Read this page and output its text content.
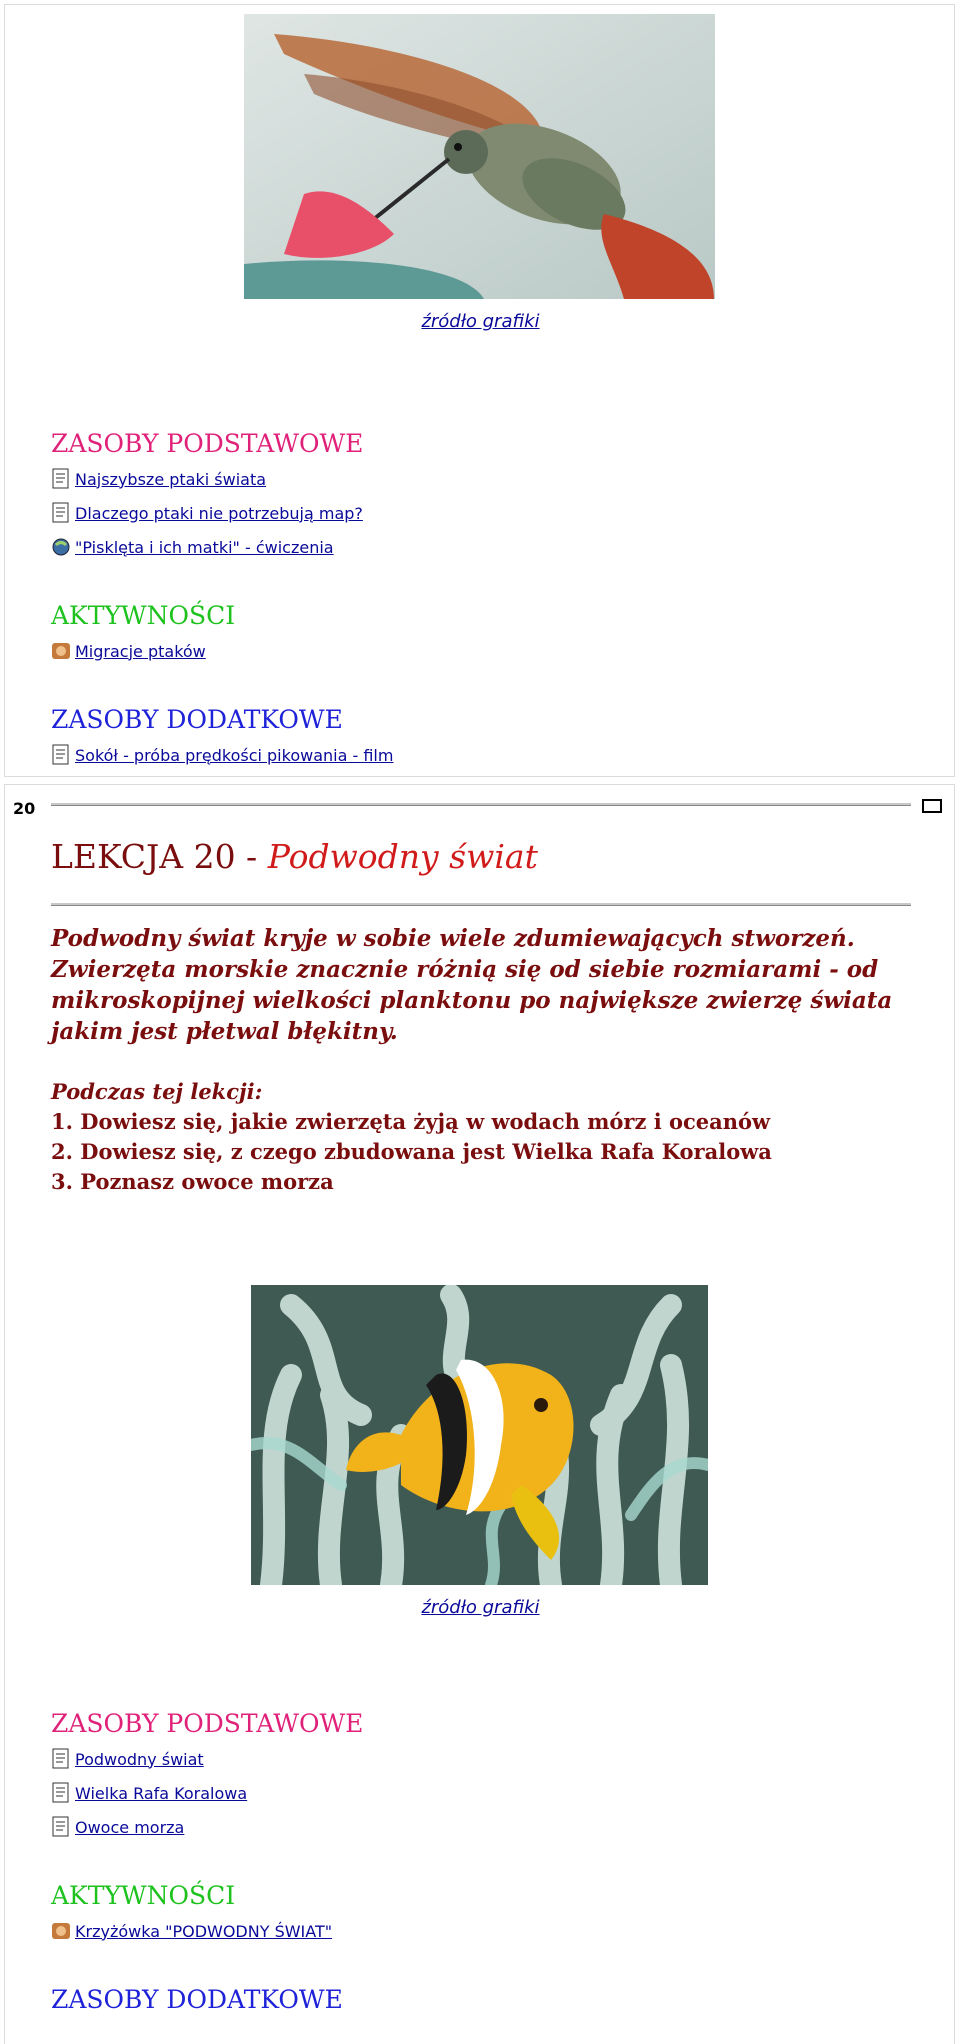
źródło grafiki
ZASOBY PODSTAWOWE
Najszybsze ptaki świata
Dlaczego ptaki nie potrzebują map?
"Pisklęta i ich matki" - ćwiczenia
AKTYWNOŚCI
Migracje ptaków
ZASOBY DODATKOWE
Sokół - próba prędkości pikowania - film
20
LEKCJA 20 - Podwodny świat

Podwodny świat kryje w sobie wiele zdumiewających stworzeń. Zwierzęta morskie znacznie różnią się od siebie rozmiarami - od mikroskopijnej wielkości planktonu po największe zwierzę świata jakim jest płetwal błękitny.

Podczas tej lekcji:
1. Dowiesz się, jakie zwierzęta żyją w wodach mórz i oceanów
2. Dowiesz się, z czego zbudowana jest Wielka Rafa Koralowa
3. Poznasz owoce morza
źródło grafiki
ZASOBY PODSTAWOWE
Podwodny świat
Wielka Rafa Koralowa
Owoce morza
AKTYWNOŚCI
Krzyżówka "PODWODNY ŚWIAT"
ZASOBY DODATKOWE
